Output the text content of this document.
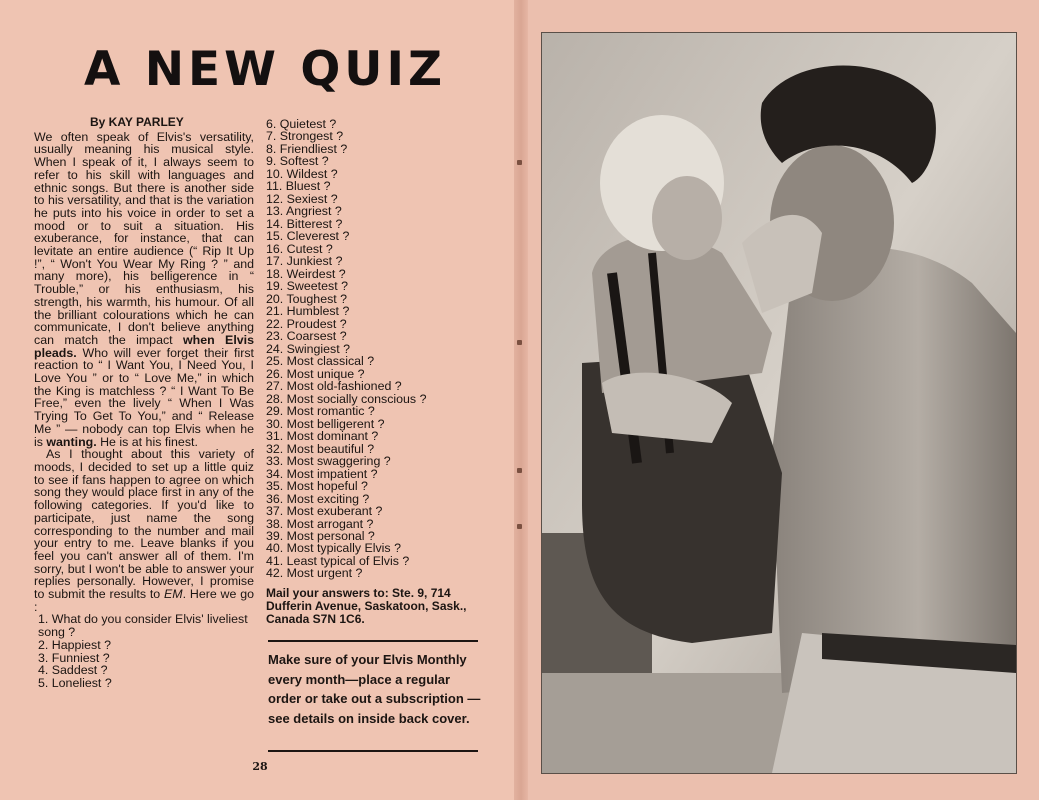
A NEW QUIZ
By KAY PARLEY

We often speak of Elvis's versatility, usually meaning his musical style. When I speak of it, I always seem to refer to his skill with languages and ethnic songs. But there is another side to his versatility, and that is the variation he puts into his voice in order to set a mood or to suit a situation. His exuberance, for instance, that can levitate an entire audience (“ Rip It Up !”, “ Won't You Wear My Ring ? ” and many more), his belligerence in “ Trouble,” or his enthusiasm, his strength, his warmth, his humour. Of all the brilliant colourations which he can communicate, I don't believe anything can match the impact when Elvis pleads. Who will ever forget their first reaction to “ I Want You, I Need You, I Love You ” or to “ Love Me,” in which the King is matchless ? “ I Want To Be Free,” even the lively “ When I Was Trying To Get To You,” and “ Release Me ” — nobody can top Elvis when he is wanting. He is at his finest.

As I thought about this variety of moods, I decided to set up a little quiz to see if fans happen to agree on which song they would place first in any of the following categories. If you'd like to participate, just name the song corresponding to the number and mail your entry to me. Leave blanks if you feel you can't answer all of them. I'm sorry, but I won't be able to answer your replies personally. However, I promise to submit the results to EM. Here we go :

1. What do you consider Elvis' liveliest song ?
2. Happiest ?
3. Funniest ?
4. Saddest ?
5. Loneliest ?
6. Quietest ?
7. Strongest ?
8. Friendliest ?
9. Softest ?
10. Wildest ?
11. Bluest ?
12. Sexiest ?
13. Angriest ?
14. Bitterest ?
15. Cleverest ?
16. Cutest ?
17. Junkiest ?
18. Weirdest ?
19. Sweetest ?
20. Toughest ?
21. Humblest ?
22. Proudest ?
23. Coarsest ?
24. Swingiest ?
25. Most classical ?
26. Most unique ?
27. Most old-fashioned ?
28. Most socially conscious ?
29. Most romantic ?
30. Most belligerent ?
31. Most dominant ?
32. Most beautiful ?
33. Most swaggering ?
34. Most impatient ?
35. Most hopeful ?
36. Most exciting ?
37. Most exuberant ?
38. Most arrogant ?
39. Most personal ?
40. Most typically Elvis ?
41. Least typical of Elvis ?
42. Most urgent ?
Mail your answers to: Ste. 9, 714 Dufferin Avenue, Saskatoon, Sask., Canada S7N 1C6.
Make sure of your Elvis Monthly every month—place a regular order or take out a subscription — see details on inside back cover.
28
